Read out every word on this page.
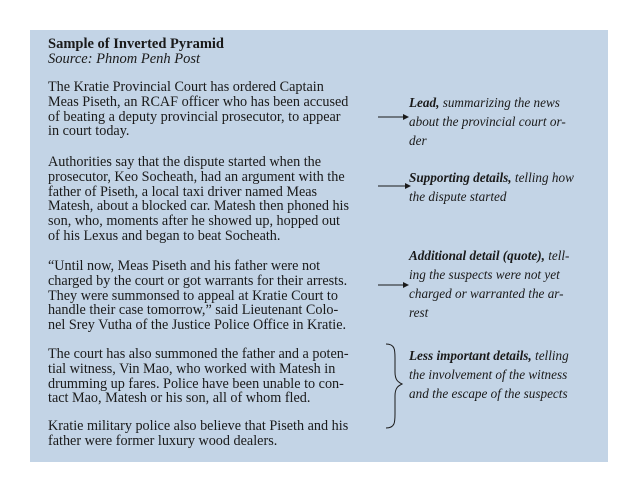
Sample of Inverted Pyramid
Source: Phnom Penh Post
The Kratie Provincial Court has ordered Captain
Meas Piseth, an RCAF officer who has been accused
of beating a deputy provincial prosecutor, to appear
in court today.
Authorities say that the dispute started when the
prosecutor, Keo Socheath, had an argument with the
father of Piseth, a local taxi driver named Meas
Matesh, about a blocked car. Matesh then phoned his
son, who, moments after he showed up, hopped out
of his Lexus and began to beat Socheath.
“Until now, Meas Piseth and his father were not
charged by the court or got warrants for their arrests.
They were summonsed to appeal at Kratie Court to
handle their case tomorrow,” said Lieutenant Colo-
nel Srey Vutha of the Justice Police Office in Kratie.
The court has also summoned the father and a poten-
tial witness, Vin Mao, who worked with Matesh in
drumming up fares. Police have been unable to con-
tact Mao, Matesh or his son, all of whom fled.
Kratie military police also believe that Piseth and his
father were former luxury wood dealers.
Lead, summarizing the news
about the provincial court or-
der
Supporting details, telling how
the dispute started
Additional detail (quote), tell-
ing the suspects were not yet
charged or warranted the ar-
rest
Less important details, telling
the involvement of the witness
and the escape of the suspects
